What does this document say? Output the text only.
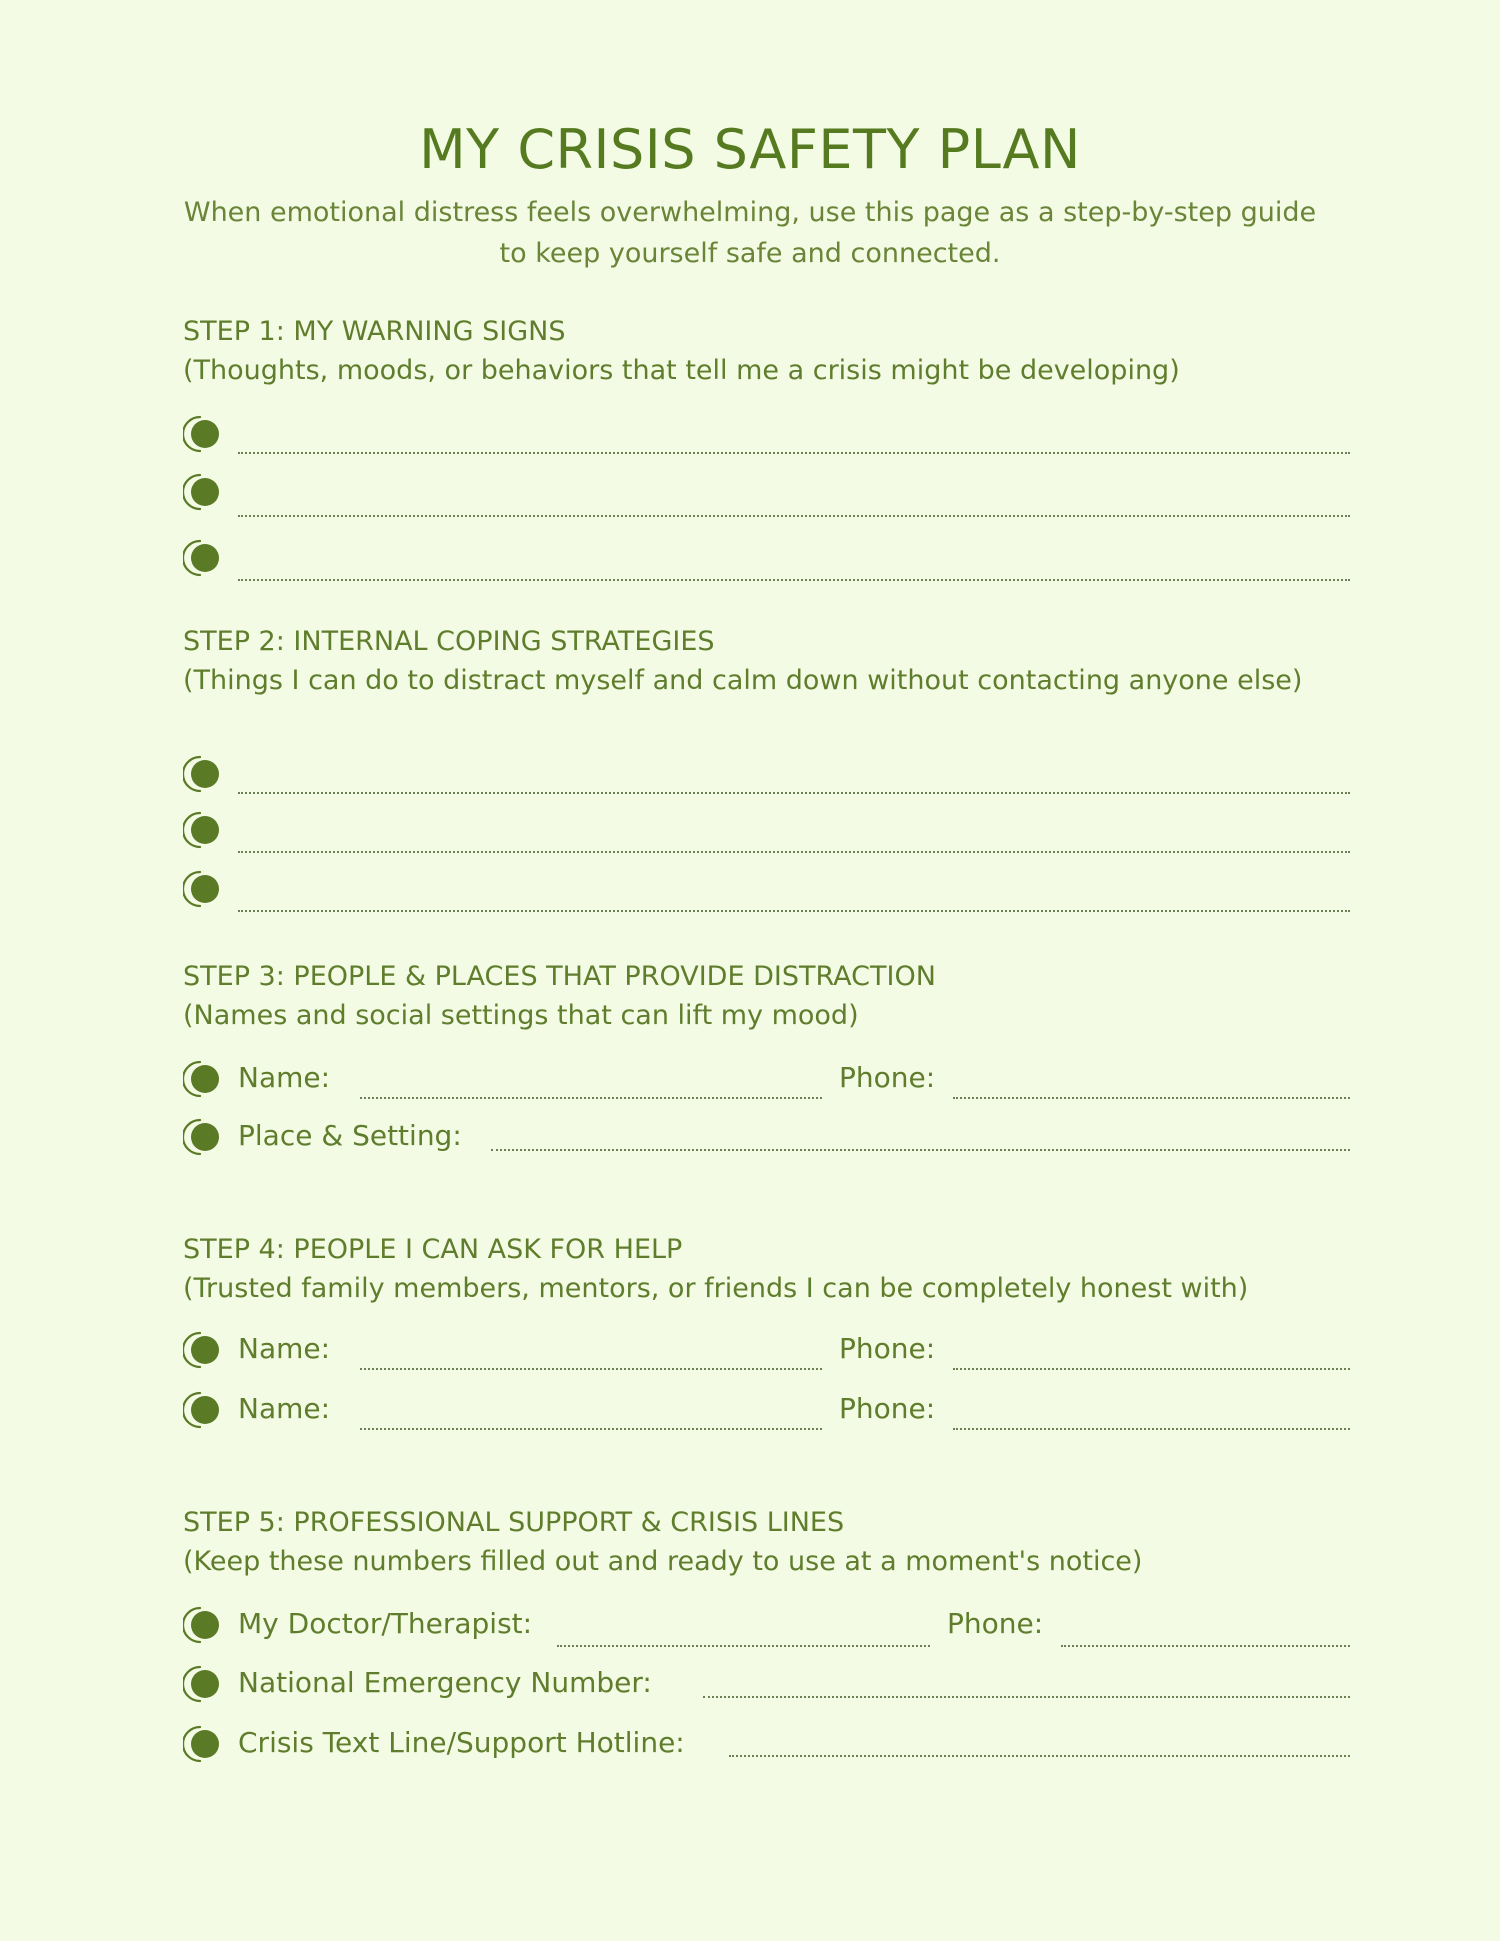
MY CRISIS SAFETY PLAN

When emotional distress feels overwhelming, use this page as a step-by-step guide to keep yourself safe and connected.

STEP 1: MY WARNING SIGNS
(Thoughts, moods, or behaviors that tell me a crisis might be developing)
STEP 2: INTERNAL COPING STRATEGIES
(Things I can do to distract myself and calm down without contacting anyone else)
STEP 3: PEOPLE & PLACES THAT PROVIDE DISTRACTION
(Names and social settings that can lift my mood)
Name:	Phone:
Place & Setting:
STEP 4: PEOPLE I CAN ASK FOR HELP
(Trusted family members, mentors, or friends I can be completely honest with)
Name:	Phone:
Name:	Phone:
STEP 5: PROFESSIONAL SUPPORT & CRISIS LINES
(Keep these numbers filled out and ready to use at a moment's notice)
My Doctor/Therapist:	Phone:
National Emergency Number:
Crisis Text Line/Support Hotline:
